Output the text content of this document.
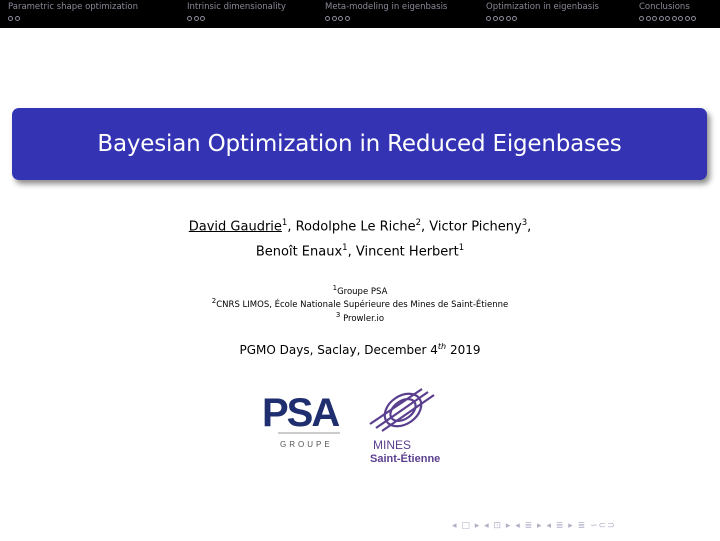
Parametric shape optimization	Intrinsic dimensionality	Meta-modeling in eigenbasis	Optimization in eigenbasis	Conclusions
Bayesian Optimization in Reduced Eigenbases
David Gaudrie$^1$, Rodolphe Le Riche$^2$, Victor Picheny$^3$,
Benoît Enaux$^1$, Vincent Herbert$^1$
$^1$Groupe PSA
$^2$CNRS LIMOS, École Nationale Supérieure des Mines de Saint-Étienne
$^3$ Prowler.io
PGMO Days, Saclay, December 4th 2019
PSA
GROUPE	MINES
Saint-Étienne
◂ □ ▸ ◂ ⊡ ▸ ◂ ≣ ▸ ◂ ≣ ▸ ≣ ∽⊂⊃
